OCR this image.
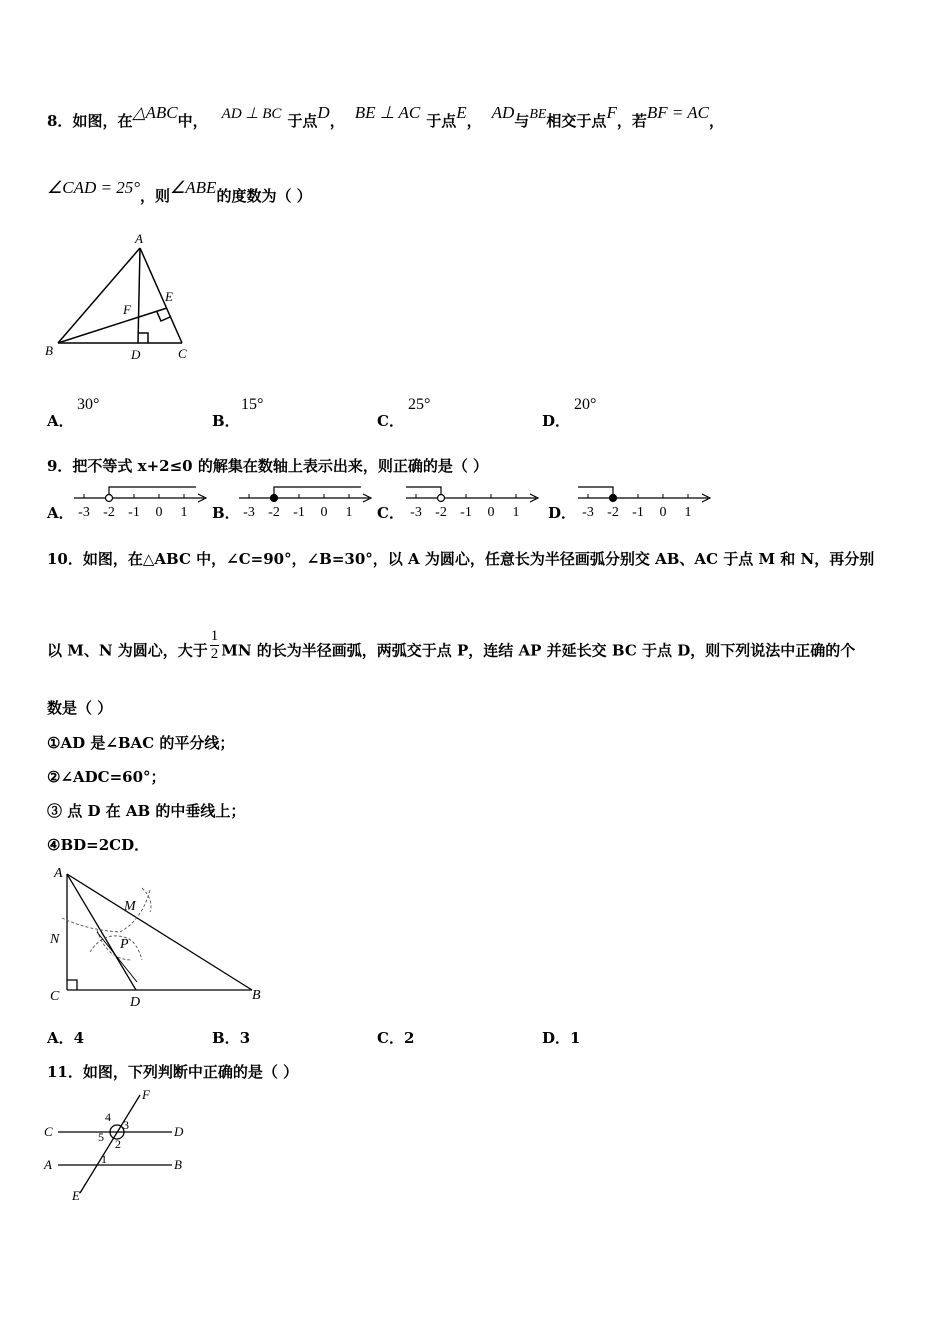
8．如图，在△ABC中， AD ⊥ BC 于点D， BE ⊥ AC 于点E， AD与BE相交于点F，若BF = AC，
∠CAD = 25°，则∠ABE的度数为（ ）
A
B	C
D
E
F
A．
30°
B．
15°
C．
25°
D．
20°
9．把不等式 x+2≤0 的解集在数轴上表示出来，则正确的是（ ）
A．	B．	C．	D．
-3 -2 -1 0 1	-3 -2 -1 0 1	-3 -2 -1 0 1	-3 -2 -1 0 1
10．如图，在△ABC 中，∠C=90°，∠B=30°，以 A 为圆心，任意长为半径画弧分别交 AB、AC 于点 M 和 N，再分别
以 M、N 为圆心，大于 $\frac{1}{2}$ MN 的长为半径画弧，两弧交于点 P，连结 AP 并延长交 BC 于点 D，则下列说法中正确的个
数是（ ）
①AD 是∠BAC 的平分线；
②∠ADC=60°；
③ 点 D 在 AB 的中垂线上；
④BD=2CD．
A
M
N	P
C	D	B
A．4	B．3	C．2	D．1
11．如图，下列判断中正确的是（ ）
F
C	D
A	B
E
4
3
5 2
1
